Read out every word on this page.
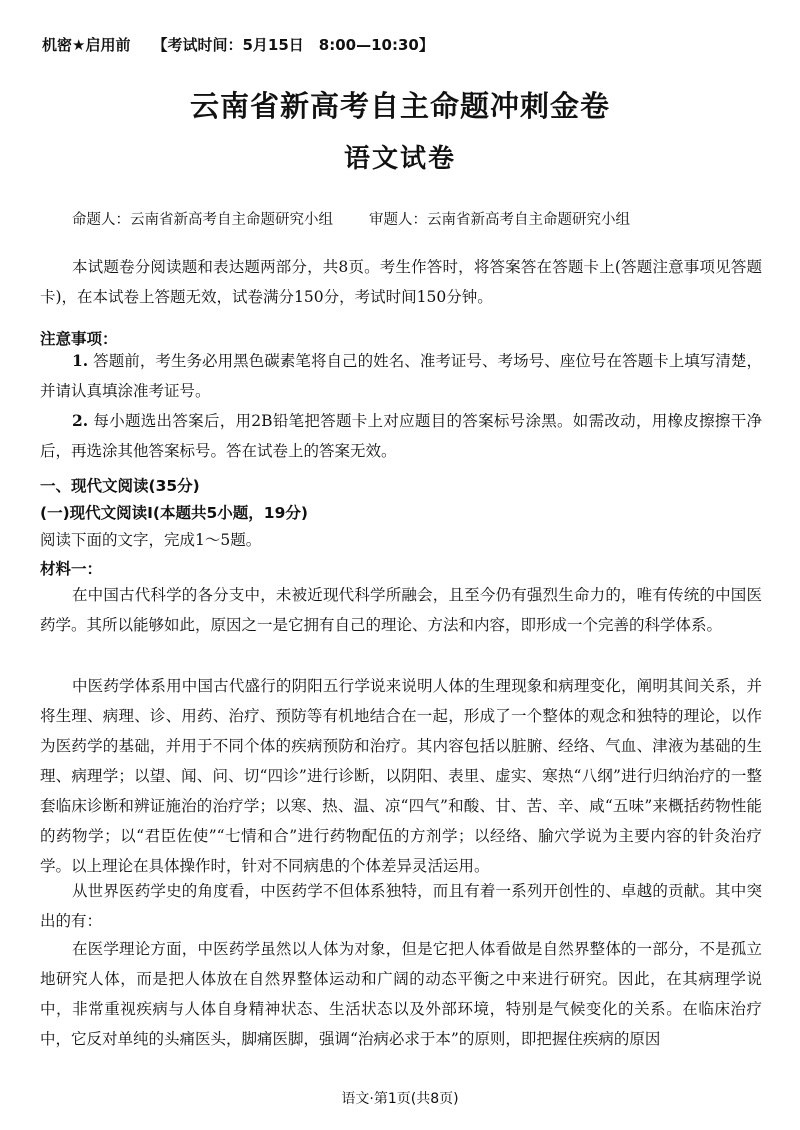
机密★启用前 【考试时间：5月15日　8:00—10:30】
云南省新高考自主命题冲刺金卷
语文试卷
命题人：云南省新高考自主命题研究小组 审题人：云南省新高考自主命题研究小组

本试题卷分阅读题和表达题两部分，共8页。考生作答时，将答案答在答题卡上(答题注意事项见答题卡)，在本试卷上答题无效，试卷满分150分，考试时间150分钟。

注意事项：

1. 答题前，考生务必用黑色碳素笔将自己的姓名、准考证号、考场号、座位号在答题卡上填写清楚，并请认真填涂准考证号。

2. 每小题选出答案后，用2B铅笔把答题卡上对应题目的答案标号涂黑。如需改动，用橡皮擦擦干净后，再选涂其他答案标号。答在试卷上的答案无效。

一、现代文阅读(35分)
(一)现代文阅读Ⅰ(本题共5小题，19分)
阅读下面的文字，完成1～5题。
材料一：

在中国古代科学的各分支中，未被近现代科学所融会，且至今仍有强烈生命力的，唯有传统的中国医药学。其所以能够如此，原因之一是它拥有自己的理论、方法和内容，即形成一个完善的科学体系。

中医药学体系用中国古代盛行的阴阳五行学说来说明人体的生理现象和病理变化，阐明其间关系，并将生理、病理、诊、用药、治疗、预防等有机地结合在一起，形成了一个整体的观念和独特的理论，以作为医药学的基础，并用于不同个体的疾病预防和治疗。其内容包括以脏腑、经络、气血、津液为基础的生理、病理学；以望、闻、问、切“四诊”进行诊断，以阴阳、表里、虚实、寒热“八纲”进行归纳治疗的一整套临床诊断和辨证施治的治疗学；以寒、热、温、凉“四气”和酸、甘、苦、辛、咸“五味”来概括药物性能的药物学；以“君臣佐使”“七情和合”进行药物配伍的方剂学；以经络、腧穴学说为主要内容的针灸治疗学。以上理论在具体操作时，针对不同病患的个体差异灵活运用。

从世界医药学史的角度看，中医药学不但体系独特，而且有着一系列开创性的、卓越的贡献。其中突出的有：

在医学理论方面，中医药学虽然以人体为对象，但是它把人体看做是自然界整体的一部分，不是孤立地研究人体，而是把人体放在自然界整体运动和广阔的动态平衡之中来进行研究。因此，在其病理学说中，非常重视疾病与人体自身精神状态、生活状态以及外部环境，特别是气候变化的关系。在临床治疗中，它反对单纯的头痛医头，脚痛医脚，强调“治病必求于本”的原则，即把握住疾病的原因

语文·第1页(共8页)
